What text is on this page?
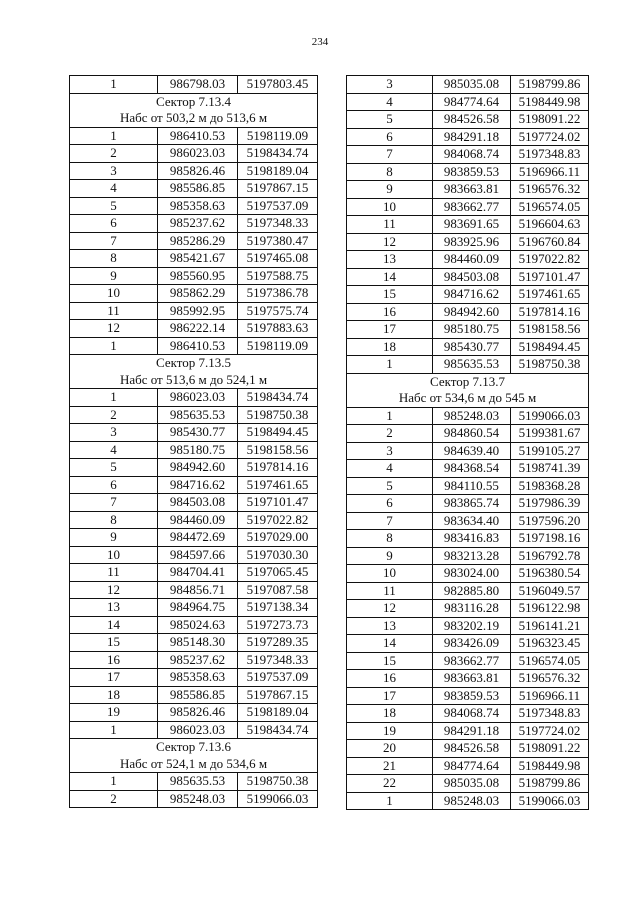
234
1	986798.03	5197803.45
Сектор 7.13.4		
Набс от 503,2 м до 513,6 м		
1	986410.53	5198119.09
2	986023.03	5198434.74
3	985826.46	5198189.04
4	985586.85	5197867.15
5	985358.63	5197537.09
6	985237.62	5197348.33
7	985286.29	5197380.47
8	985421.67	5197465.08
9	985560.95	5197588.75
10	985862.29	5197386.78
11	985992.95	5197575.74
12	986222.14	5197883.63
1	986410.53	5198119.09
Сектор 7.13.5		
Набс от 513,6 м до 524,1 м		
1	986023.03	5198434.74
2	985635.53	5198750.38
3	985430.77	5198494.45
4	985180.75	5198158.56
5	984942.60	5197814.16
6	984716.62	5197461.65
7	984503.08	5197101.47
8	984460.09	5197022.82
9	984472.69	5197029.00
10	984597.66	5197030.30
11	984704.41	5197065.45
12	984856.71	5197087.58
13	984964.75	5197138.34
14	985024.63	5197273.73
15	985148.30	5197289.35
16	985237.62	5197348.33
17	985358.63	5197537.09
18	985586.85	5197867.15
19	985826.46	5198189.04
1	986023.03	5198434.74
Сектор 7.13.6		
Набс от 524,1 м до 534,6 м		
1	985635.53	5198750.38
2	985248.03	5199066.03
3	985035.08	5198799.86
4	984774.64	5198449.98
5	984526.58	5198091.22
6	984291.18	5197724.02
7	984068.74	5197348.83
8	983859.53	5196966.11
9	983663.81	5196576.32
10	983662.77	5196574.05
11	983691.65	5196604.63
12	983925.96	5196760.84
13	984460.09	5197022.82
14	984503.08	5197101.47
15	984716.62	5197461.65
16	984942.60	5197814.16
17	985180.75	5198158.56
18	985430.77	5198494.45
1	985635.53	5198750.38
Сектор 7.13.7		
Набс от 534,6 м до 545 м		
1	985248.03	5199066.03
2	984860.54	5199381.67
3	984639.40	5199105.27
4	984368.54	5198741.39
5	984110.55	5198368.28
6	983865.74	5197986.39
7	983634.40	5197596.20
8	983416.83	5197198.16
9	983213.28	5196792.78
10	983024.00	5196380.54
11	982885.80	5196049.57
12	983116.28	5196122.98
13	983202.19	5196141.21
14	983426.09	5196323.45
15	983662.77	5196574.05
16	983663.81	5196576.32
17	983859.53	5196966.11
18	984068.74	5197348.83
19	984291.18	5197724.02
20	984526.58	5198091.22
21	984774.64	5198449.98
22	985035.08	5198799.86
1	985248.03	5199066.03
